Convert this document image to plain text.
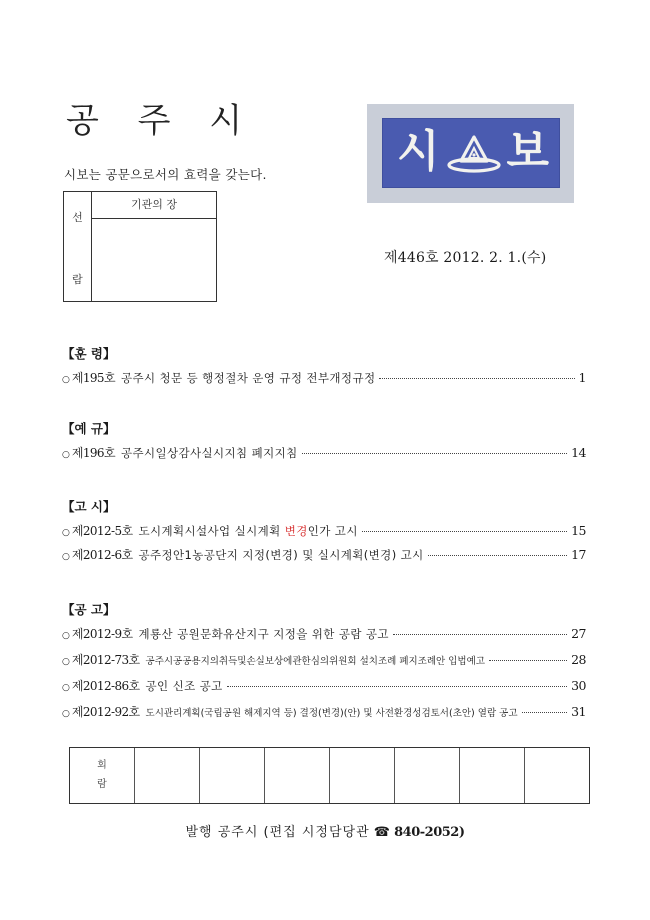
공 주 시
시보는 공문으로서의 효력을 갖는다.
선
람
기관의 장
시 보
제446호 2012. 2. 1.(수)
【훈 령】
○ 제195호 공주시 청문 등 행정절차 운영 규정 전부개정규정	1
【예 규】
○ 제196호 공주시일상감사실시지침 폐지지침	14
【고 시】
○ 제2012-5호 도시계획시설사업 실시계획 변경인가 고시	15
○ 제2012-6호 공주정안1농공단지 지정(변경) 및 실시계획(변경) 고시	17
【공 고】
○ 제2012-9호 계룡산 공원문화유산지구 지정을 위한 공람 공고	27
○ 제2012-73호 공주시공공용지의취득및손실보상에관한심의위원회 설치조례 폐지조례안 입법예고	28
○ 제2012-86호 공인 신조 공고	30
○ 제2012-92호 도시관리계획(국립공원 해제지역 등) 결정(변경)(안) 및 사전환경성검토서(초안) 열람 공고	31
회
람
발행 공주시 (편집 시정담당관 ☎ 840-2052)
